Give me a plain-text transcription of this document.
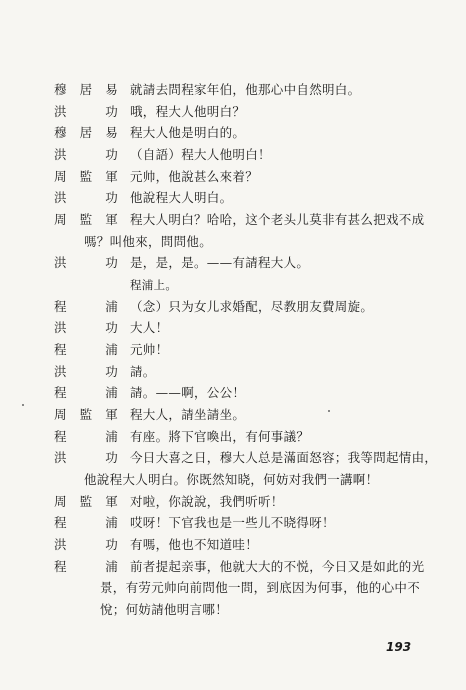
穆居易 就請去問程家年伯，他那心中自然明白。
洪　功 哦，程大人他明白？
穆居易 程大人他是明白的。
洪　功 （自語）程大人他明白！
周監軍 元帅，他說甚么來着？
洪　功 他說程大人明白。
周監軍 程大人明白？哈哈，这个老头儿莫非有甚么把戏不成
嗎？叫他來，問問他。
洪　功 是，是，是。——有請程大人。
程浦上。
程　浦 （念）只为女儿求婚配，尽教朋友費周旋。
洪　功 大人！
程　浦 元帅！
洪　功 請。
程　浦 請。——啊，公公！
周監軍 程大人，請坐請坐。
程　浦 有座。將下官喚出，有何事議？
洪　功 今日大喜之日，穆大人总是滿面怒容；我等問起情由，
他說程大人明白。你既然知晓，何妨对我們一講啊！
周監軍 对啦，你說說，我們听听！
程　浦 哎呀！下官我也是一些儿不晓得呀！
洪　功 有嗎，他也不知道哇！
程　浦 前者提起亲事，他就大大的不悦，今日又是如此的光
景，有劳元帅向前問他一問，到底因为何事，他的心中不
悅；何妨請他明言哪！
193
